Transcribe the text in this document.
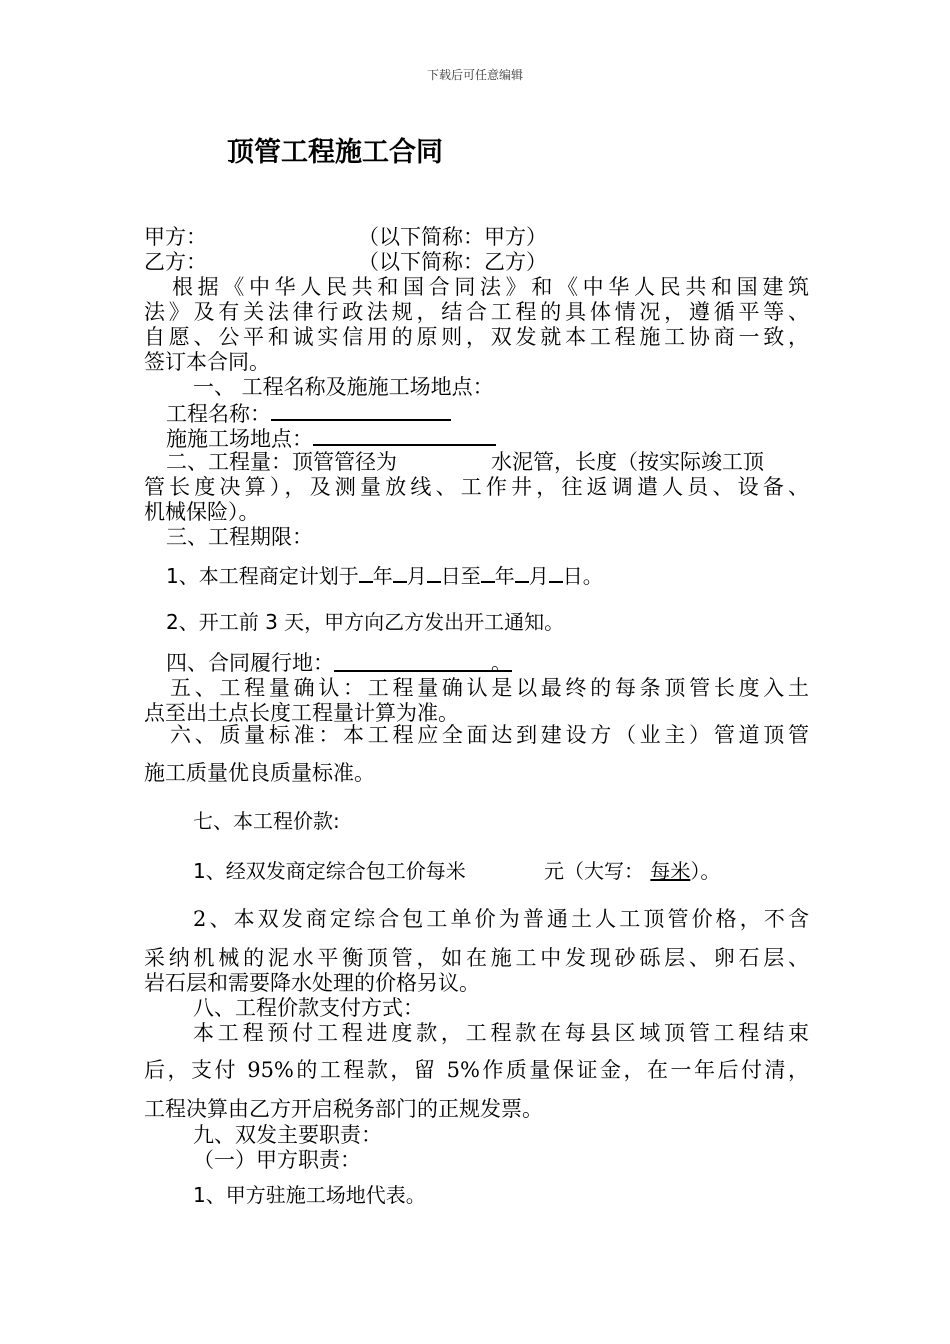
下载后可任意编辑
顶管工程施工合同
甲方：	（以下简称：甲方）
乙方：	（以下简称：乙方）
根据《中华人民共和国合同法》和《中华人民共和国建筑
法》及有关法律行政法规，结合工程的具体情况，遵循平等、
自愿、公平和诚实信用的原则，双发就本工程施工协商一致，
签订本合同。
一、 工程名称及施施工场地点：
工程名称：
施施工场地点：
二、工程量：顶管管径为	水泥管，长度（按实际竣工顶
管长度决算），及测量放线、工作井，往返调遣人员、设备、
机械保险）。
三、工程期限：
1、本工程商定计划于 年 月 日至 年 月 日。
2、开工前 3 天，甲方向乙方发出开工通知。
四、合同履行地：	。
五、工程量确认：工程量确认是以最终的每条顶管长度入土
点至出土点长度工程量计算为准。
六、质量标准：本工程应全面达到建设方（业主）管道顶管
施工质量优良质量标准。
七、本工程价款:
1、经双发商定综合包工价每米	元（大写： 每米）。
2、本双发商定综合包工单价为普通土人工顶管价格，不含
采纳机械的泥水平衡顶管，如在施工中发现砂砾层、卵石层、
岩石层和需要降水处理的价格另议。
八、工程价款支付方式：
本工程预付工程进度款，工程款在每县区域顶管工程结束
后，支付 95%的工程款，留 5%作质量保证金，在一年后付清，
工程决算由乙方开启税务部门的正规发票。
九、双发主要职责：
（一）甲方职责：
1、甲方驻施工场地代表。
